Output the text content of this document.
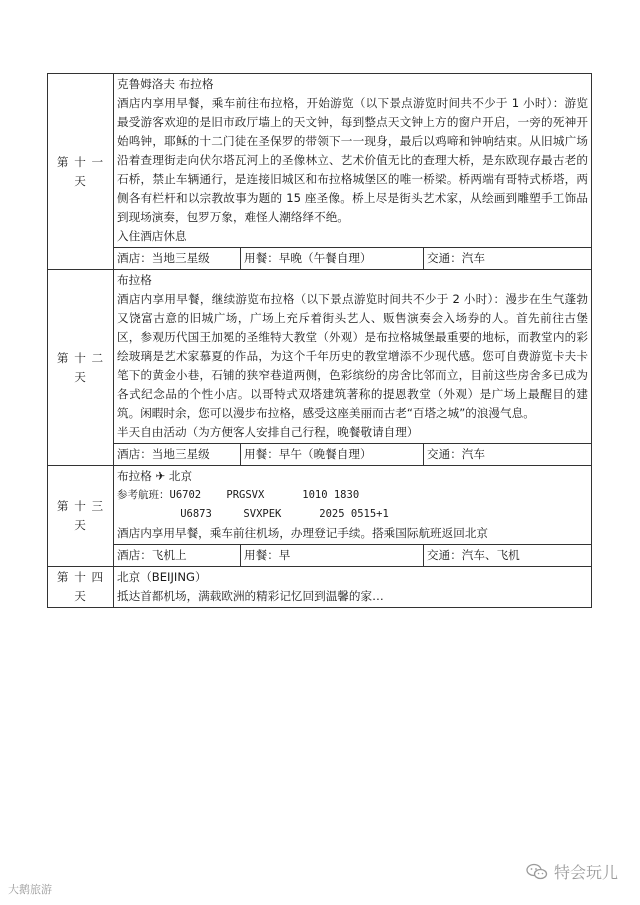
第 十 一 天	克鲁姆洛夫 布拉格
酒店内享用早餐，乘车前往布拉格，开始游览（以下景点游览时间共不少于 1 小时）：游览最受游客欢迎的是旧市政厅墙上的天文钟，每到整点天文钟上方的窗户开启，一旁的死神开始鸣钟，耶稣的十二门徒在圣保罗的带领下一一现身，最后以鸡啼和钟响结束。从旧城广场沿着查理街走向伏尔塔瓦河上的圣像林立、艺术价值无比的查理大桥，是东欧现存最古老的石桥，禁止车辆通行，是连接旧城区和布拉格城堡区的唯一桥梁。桥两端有哥特式桥塔，两侧各有栏杆和以宗教故事为题的 15 座圣像。桥上尽是街头艺术家，从绘画到雕塑手工饰品到现场演奏，包罗万象，难怪人潮络绎不绝。
入住酒店休息

	酒店：当地三星级 用餐：早晚（午餐自理） 交通：汽车

第 十 二 天	布拉格
酒店内享用早餐，继续游览布拉格（以下景点游览时间共不少于 2 小时）：漫步在生气蓬勃又饶富古意的旧城广场，广场上充斥着街头艺人、贩售演奏会入场券的人。首先前往古堡区，参观历代国王加冕的圣维特大教堂（外观）是布拉格城堡最重要的地标，而教堂内的彩绘玻璃是艺术家慕夏的作品，为这个千年历史的教堂增添不少现代感。您可自费游览卡夫卡笔下的黄金小巷，石铺的狭窄巷道两侧，色彩缤纷的房舍比邻而立，目前这些房舍多已成为各式纪念品的个性小店。以哥特式双塔建筑著称的提恩教堂（外观）是广场上最醒目的建筑。闲暇时余，您可以漫步布拉格，感受这座美丽而古老“百塔之城”的浪漫气息。
半天自由活动（为方便客人安排自己行程，晚餐敬请自理）

	酒店：当地三星级 用餐：早午（晚餐自理） 交通：汽车

第 十 三 天	布拉格 ✈ 北京
参考航班：U6702    PRGSVX      1010 1830
U6873     SVXPEK      2025 0515+1
酒店内享用早餐，乘车前往机场，办理登记手续。搭乘国际航班返回北京

	酒店：飞机上 用餐：早 交通：汽车、飞机

第 十 四 天	北京（BEIJING）
抵达首都机场，满载欧洲的精彩记忆回到温馨的家…
大鹅旅游
特会玩儿
